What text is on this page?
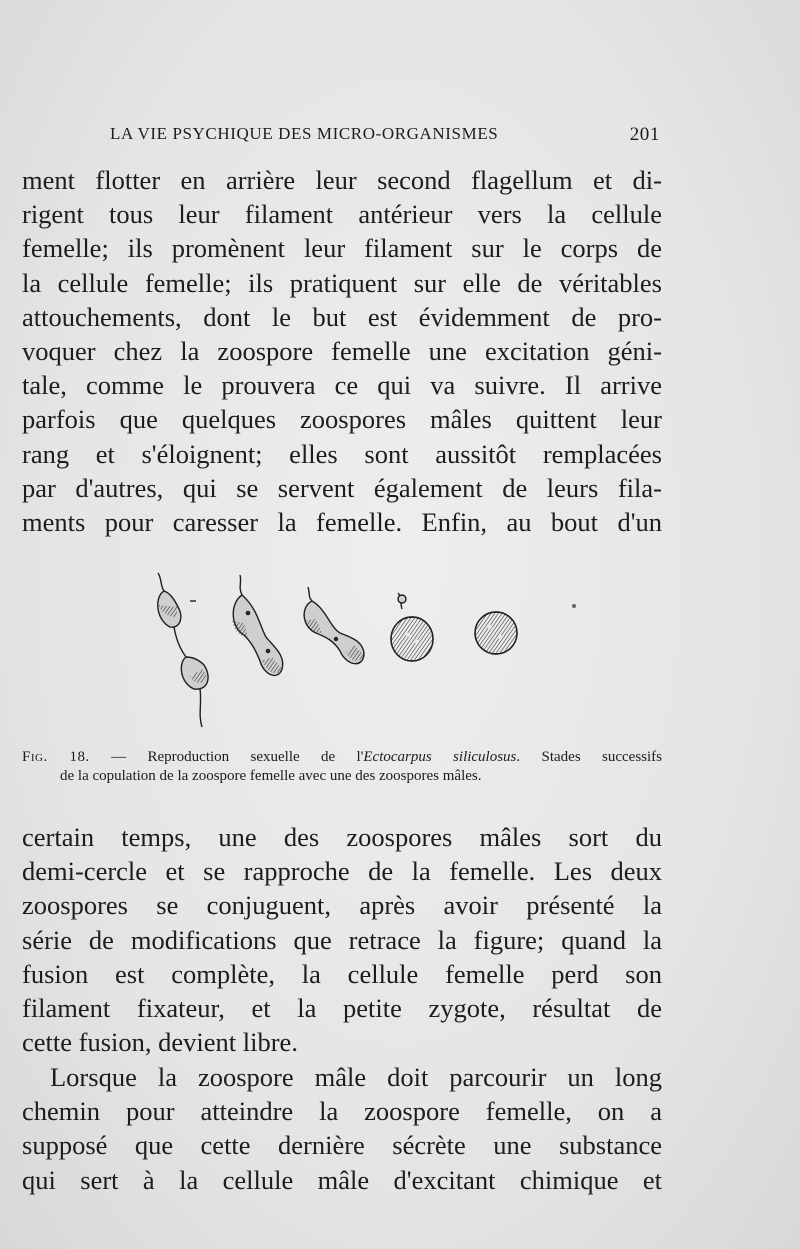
LA VIE PSYCHIQUE DES MICRO-ORGANISMES	201
ment flotter en arrière leur second flagellum et di-
rigent tous leur filament antérieur vers la cellule
femelle; ils promènent leur filament sur le corps de
la cellule femelle; ils pratiquent sur elle de véritables
attouchements, dont le but est évidemment de pro-
voquer chez la zoospore femelle une excitation géni-
tale, comme le prouvera ce qui va suivre. Il arrive
parfois que quelques zoospores mâles quittent leur
rang et s'éloignent; elles sont aussitôt remplacées
par d'autres, qui se servent également de leurs fila-
ments pour caresser la femelle. Enfin, au bout d'un
Fig. 18. — Reproduction sexuelle de l'Ectocarpus siliculosus. Stades successifs
de la copulation de la zoospore femelle avec une des zoospores mâles.
certain temps, une des zoospores mâles sort du
demi-cercle et se rapproche de la femelle. Les deux
zoospores se conjuguent, après avoir présenté la
série de modifications que retrace la figure; quand la
fusion est complète, la cellule femelle perd son
filament fixateur, et la petite zygote, résultat de
cette fusion, devient libre.
Lorsque la zoospore mâle doit parcourir un long
chemin pour atteindre la zoospore femelle, on a
supposé que cette dernière sécrète une substance
qui sert à la cellule mâle d'excitant chimique et
